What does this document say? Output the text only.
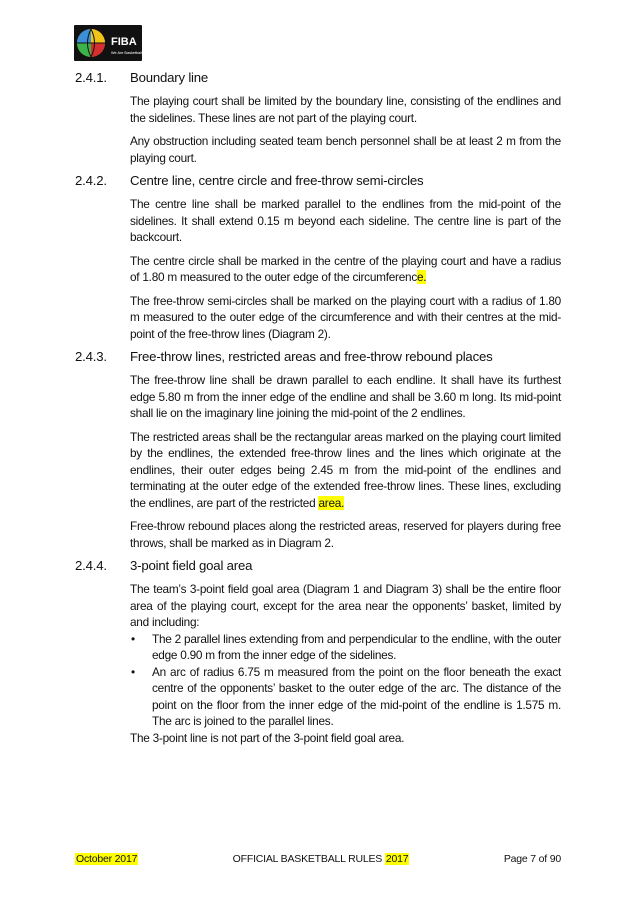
FIBA
We Are Basketball
2.4.1.	Boundary line

The playing court shall be limited by the boundary line, consisting of the endlines and the sidelines. These lines are not part of the playing court.

Any obstruction including seated team bench personnel shall be at least 2 m from the playing court.

2.4.2.	Centre line, centre circle and free-throw semi-circles

The centre line shall be marked parallel to the endlines from the mid-point of the sidelines. It shall extend 0.15 m beyond each sideline. The centre line is part of the backcourt.

The centre circle shall be marked in the centre of the playing court and have a radius of 1.80 m measured to the outer edge of the circumference.

The free-throw semi-circles shall be marked on the playing court with a radius of 1.80 m measured to the outer edge of the circumference and with their centres at the mid-point of the free-throw lines (Diagram 2).

2.4.3.	Free-throw lines, restricted areas and free-throw rebound places

The free-throw line shall be drawn parallel to each endline. It shall have its furthest edge 5.80 m from the inner edge of the endline and shall be 3.60 m long. Its mid-point shall lie on the imaginary line joining the mid-point of the 2 endlines.

The restricted areas shall be the rectangular areas marked on the playing court limited by the endlines, the extended free-throw lines and the lines which originate at the endlines, their outer edges being 2.45 m from the mid-point of the endlines and terminating at the outer edge of the extended free-throw lines. These lines, excluding the endlines, are part of the restricted area.

Free-throw rebound places along the restricted areas, reserved for players during free throws, shall be marked as in Diagram 2.

2.4.4.	3-point field goal area

The team’s 3-point field goal area (Diagram 1 and Diagram 3) shall be the entire floor area of the playing court, except for the area near the opponents’ basket, limited by and including:

•	The 2 parallel lines extending from and perpendicular to the endline, with the outer edge 0.90 m from the inner edge of the sidelines.
•	An arc of radius 6.75 m measured from the point on the floor beneath the exact centre of the opponents’ basket to the outer edge of the arc. The distance of the point on the floor from the inner edge of the mid-point of the endline is 1.575 m. The arc is joined to the parallel lines.

The 3-point line is not part of the 3-point field goal area.

October 2017	OFFICIAL BASKETBALL RULES 2017	Page 7 of 90
